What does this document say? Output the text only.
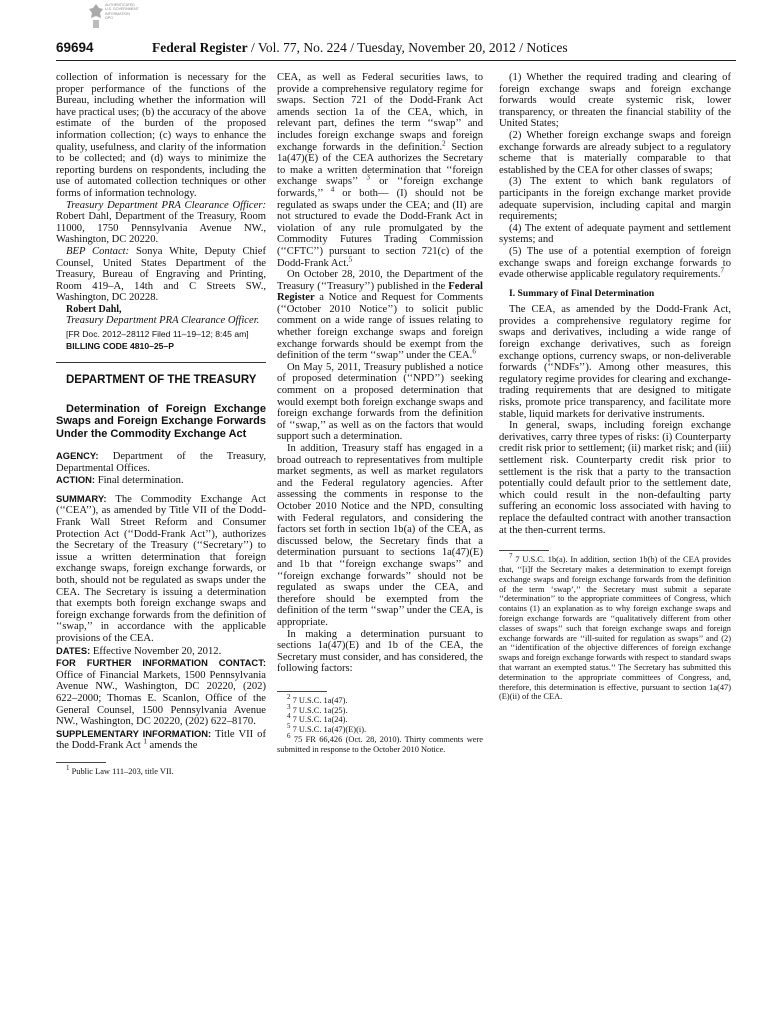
AUTHENTICATED
U.S. GOVERNMENT
INFORMATION
GPO
69694	Federal Register / Vol. 77, No. 224 / Tuesday, November 20, 2012 / Notices

collection of information is necessary for the proper performance of the functions of the Bureau, including whether the information will have practical uses; (b) the accuracy of the above estimate of the burden of the proposed information collection; (c) ways to enhance the quality, usefulness, and clarity of the information to be collected; and (d) ways to minimize the reporting burdens on respondents, including the use of automated collection techniques or other forms of information technology.

Treasury Department PRA Clearance Officer: Robert Dahl, Department of the Treasury, Room 11000, 1750 Pennsylvania Avenue NW., Washington, DC 20220.

BEP Contact: Sonya White, Deputy Chief Counsel, United States Department of the Treasury, Bureau of Engraving and Printing, Room 419–A, 14th and C Streets SW., Washington, DC 20228.

Robert Dahl,

Treasury Department PRA Clearance Officer.

[FR Doc. 2012–28112 Filed 11–19–12; 8:45 am]

BILLING CODE 4810–25–P

DEPARTMENT OF THE TREASURY

Determination of Foreign Exchange Swaps and Foreign Exchange Forwards Under the Commodity Exchange Act

AGENCY: Department of the Treasury, Departmental Offices.

ACTION: Final determination.

SUMMARY: The Commodity Exchange Act (‘‘CEA’’), as amended by Title VII of the Dodd-Frank Wall Street Reform and Consumer Protection Act (‘‘Dodd-Frank Act’’), authorizes the Secretary of the Treasury (‘‘Secretary’’) to issue a written determination that foreign exchange swaps, foreign exchange forwards, or both, should not be regulated as swaps under the CEA. The Secretary is issuing a determination that exempts both foreign exchange swaps and foreign exchange forwards from the definition of ‘‘swap,’’ in accordance with the applicable provisions of the CEA.

DATES: Effective November 20, 2012.

FOR FURTHER INFORMATION CONTACT: Office of Financial Markets, 1500 Pennsylvania Avenue NW., Washington, DC 20220, (202) 622–2000; Thomas E. Scanlon, Office of the General Counsel, 1500 Pennsylvania Avenue NW., Washington, DC 20220, (202) 622–8170.

SUPPLEMENTARY INFORMATION: Title VII of the Dodd-Frank Act $^1$ amends the

$^1$ Public Law 111–203, title VII.

CEA, as well as Federal securities laws, to provide a comprehensive regulatory regime for swaps. Section 721 of the Dodd-Frank Act amends section 1a of the CEA, which, in relevant part, defines the term ‘‘swap’’ and includes foreign exchange swaps and foreign exchange forwards in the definition.$^2$ Section 1a(47)(E) of the CEA authorizes the Secretary to make a written determination that ‘‘foreign exchange swaps’’ $^3$ or ‘‘foreign exchange forwards,’’ $^4$ or both— (I) should not be regulated as swaps under the CEA; and (II) are not structured to evade the Dodd-Frank Act in violation of any rule promulgated by the Commodity Futures Trading Commission (‘‘CFTC’’) pursuant to section 721(c) of the Dodd-Frank Act.$^5$

On October 28, 2010, the Department of the Treasury (‘‘Treasury’’) published in the Federal Register a Notice and Request for Comments (‘‘October 2010 Notice’’) to solicit public comment on a wide range of issues relating to whether foreign exchange swaps and foreign exchange forwards should be exempt from the definition of the term ‘‘swap’’ under the CEA.$^6$

On May 5, 2011, Treasury published a notice of proposed determination (‘‘NPD’’) seeking comment on a proposed determination that would exempt both foreign exchange swaps and foreign exchange forwards from the definition of ‘‘swap,’’ as well as on the factors that would support such a determination.

In addition, Treasury staff has engaged in a broad outreach to representatives from multiple market segments, as well as market regulators and the Federal regulatory agencies. After assessing the comments in response to the October 2010 Notice and the NPD, consulting with Federal regulators, and considering the factors set forth in section 1b(a) of the CEA, as discussed below, the Secretary finds that a determination pursuant to sections 1a(47)(E) and 1b that ‘‘foreign exchange swaps’’ and ‘‘foreign exchange forwards’’ should not be regulated as swaps under the CEA, and therefore should be exempted from the definition of the term ‘‘swap’’ under the CEA, is appropriate.

In making a determination pursuant to sections 1a(47)(E) and 1b of the CEA, the Secretary must consider, and has considered, the following factors:

$^2$ 7 U.S.C. 1a(47).

$^3$ 7 U.S.C. 1a(25).

$^4$ 7 U.S.C. 1a(24).

$^5$ 7 U.S.C. 1a(47)(E)(i).

$^6$ 75 FR 66,426 (Oct. 28, 2010). Thirty comments were submitted in response to the October 2010 Notice.

(1) Whether the required trading and clearing of foreign exchange swaps and foreign exchange forwards would create systemic risk, lower transparency, or threaten the financial stability of the United States;

(2) Whether foreign exchange swaps and foreign exchange forwards are already subject to a regulatory scheme that is materially comparable to that established by the CEA for other classes of swaps;

(3) The extent to which bank regulators of participants in the foreign exchange market provide adequate supervision, including capital and margin requirements;

(4) The extent of adequate payment and settlement systems; and

(5) The use of a potential exemption of foreign exchange swaps and foreign exchange forwards to evade otherwise applicable regulatory requirements.$^7$

I. Summary of Final Determination

The CEA, as amended by the Dodd-Frank Act, provides a comprehensive regulatory regime for swaps and derivatives, including a wide range of foreign exchange derivatives, such as foreign exchange options, currency swaps, or non-deliverable forwards (‘‘NDFs’’). Among other measures, this regulatory regime provides for clearing and exchange-trading requirements that are designed to mitigate risks, promote price transparency, and facilitate more stable, liquid markets for derivative instruments.

In general, swaps, including foreign exchange derivatives, carry three types of risks: (i) Counterparty credit risk prior to settlement; (ii) market risk; and (iii) settlement risk. Counterparty credit risk prior to settlement is the risk that a party to the transaction potentially could default prior to the settlement date, which could result in the non-defaulting party suffering an economic loss associated with having to replace the defaulted contract with another transaction at the then-current terms.

$^7$ 7 U.S.C. 1b(a). In addition, section 1b(b) of the CEA provides that, ‘‘[i]f the Secretary makes a determination to exempt foreign exchange swaps and foreign exchange forwards from the definition of the term ‘swap’,’’ the Secretary must submit a separate ‘‘determination’’ to the appropriate committees of Congress, which contains (1) an explanation as to why foreign exchange swaps and foreign exchange forwards are ‘‘qualitatively different from other classes of swaps’’ such that foreign exchange swaps and foreign exchange forwards are ‘‘ill-suited for regulation as swaps’’ and (2) an ‘‘identification of the objective differences of foreign exchange swaps and foreign exchange forwards with respect to standard swaps that warrant an exempted status.’’ The Secretary has submitted this determination to the appropriate committees of Congress, and, therefore, this determination is effective, pursuant to section 1a(47)(E)(ii) of the CEA.
